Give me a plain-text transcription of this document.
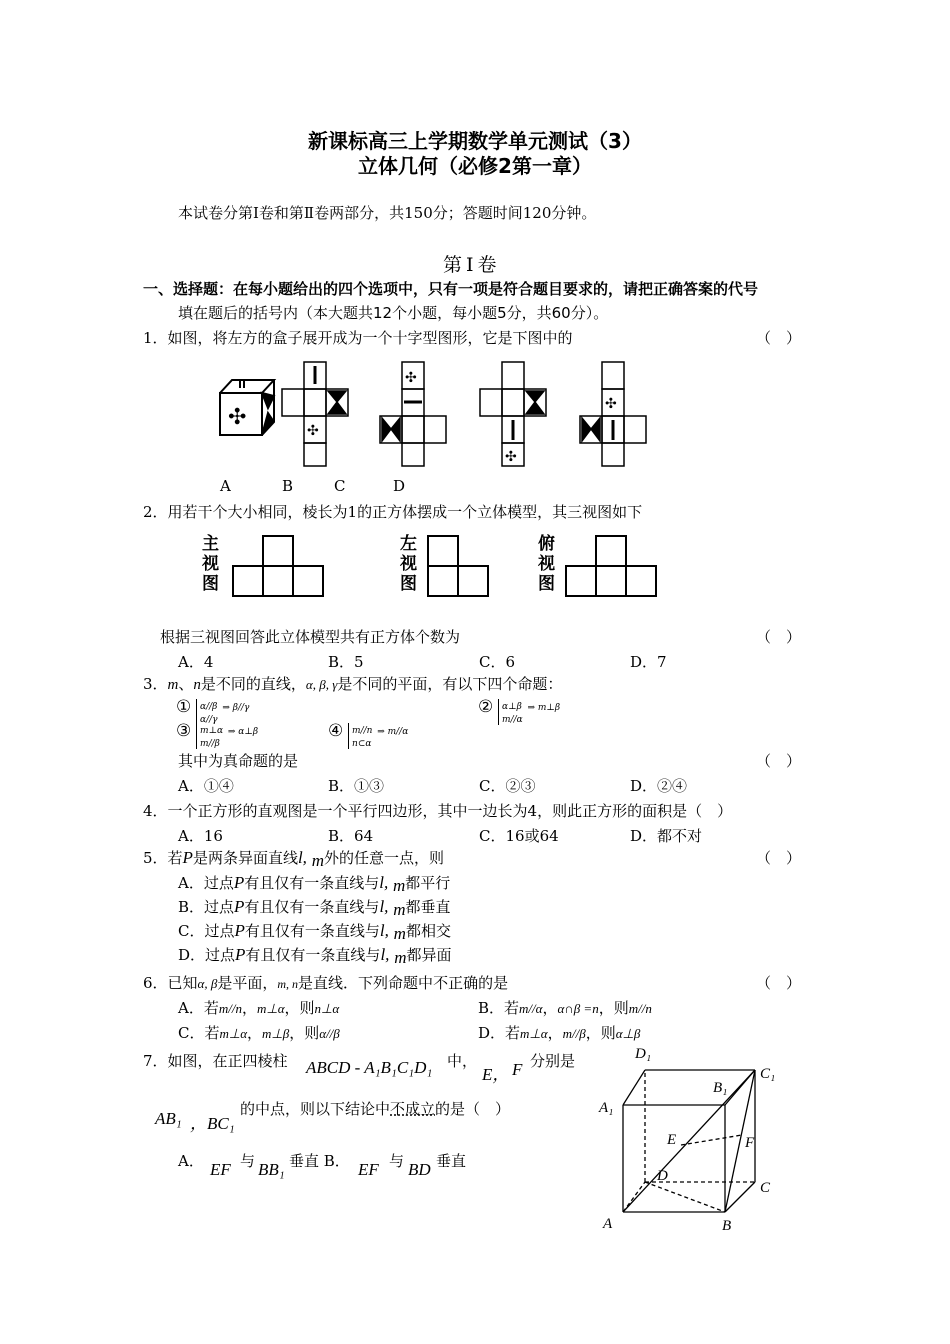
新课标高三上学期数学单元测试（3）
立体几何（必修2第一章）
本试卷分第Ⅰ卷和第Ⅱ卷两部分，共150分；答题时间120分钟。
第Ⅰ卷
一、选择题：在每小题给出的四个选项中，只有一项是符合题目要求的，请把正确答案的代号
填在题后的括号内（本大题共12个小题，每小题5分，共60分）。
1．如图，将左方的盒子展开成为一个十字型图形，它是下图中的	（　）
✣
✣
✣
✣
✣
A	B	C	D
2．用若干个大小相同，棱长为1的正方体摆成一个立体模型，其三视图如下
主视图
左视图
俯视图
根据三视图回答此立体模型共有正方体个数为	（　）
A．4	B．5	C．6	D．7
3．m、n是不同的直线，α, β, γ是不同的平面，有以下四个命题：
① α//β
α//γ $^{\Rightarrow \beta//\gamma}$	② α⊥β
m//α $^{\Rightarrow m\perp\beta}$
③ m⊥α
m//β $^{\Rightarrow \alpha\perp\beta}$	④ m//n
n⊂α $^{\Rightarrow m//\alpha}$
其中为真命题的是	（　）
A．①④	B．①③	C．②③	D．②④
4．一个正方形的直观图是一个平行四边形，其中一边长为4，则此正方形的面积是（　）
A．16	B．64	C．16或64	D．都不对
5．若P是两条异面直线l, m外的任意一点，则	（　）
A．过点P有且仅有一条直线与l, m都平行
B．过点P有且仅有一条直线与l, m都垂直
C．过点P有且仅有一条直线与l, m都相交
D．过点P有且仅有一条直线与l, m都异面
6．已知α, β是平面，m, n是直线．下列命题中不正确的是	（　）
A．若m//n，m⊥α，则n⊥α	B．若m//α，α∩β =n，则m//n
C．若m⊥α，m⊥β，则α//β	D．若m⊥α，m//β，则α⊥β
7．如图，在正四棱柱 ABCD - A₁B₁C₁D₁ 中，
E， F 分别是
AB₁ ，BC₁
的中点，则以下结论中不成立的是（　）
A． EF 与 BB₁ 垂直 B． EF 与 BD 垂直
A	B
C
D
A₁
B₁
C₁
D₁
E	F
